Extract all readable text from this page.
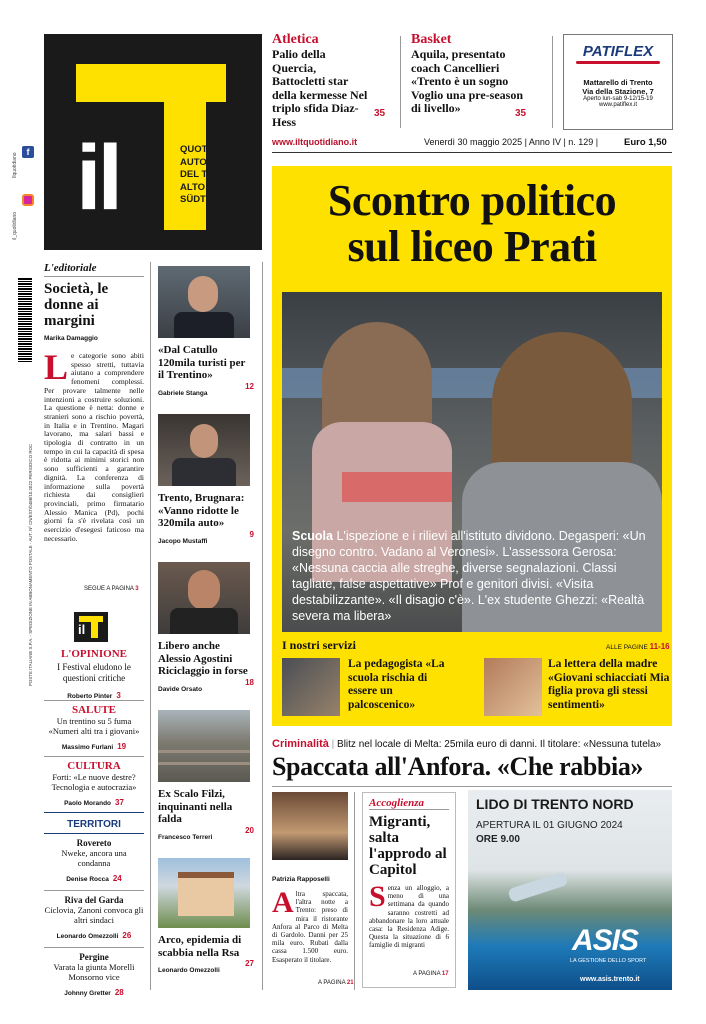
il	QUOTIDIANO
AUTONOMO
DEL TRENTINO
ALTO ADIGE /
SÜDTIROL
f
Ilquotidiano
il_quotidiano
POSTE ITALIANE S.P.A. - SPEDIZIONE IN ABBONAMENTO POSTALE - AUT. Nº CN/EST/0488/10.2022 PERIODICO ROC
Atletica
Palio della Quercia, Battocletti star della kermesse Nel triplo sfida Diaz-Hess
35
Basket
Aquila, presentato coach Cancellieri «Trento è un sogno Voglio una pre-season di livello»	35
PATIFLEX
Mattarello di Trento
Via della Stazione, 7
Aperto lun-sab 9-12/15-19
www.patiflex.it
www.iltquotidiano.it	Venerdì 30 maggio 2025 | Anno IV | n. 129 |	Euro 1,50
Scontro politico
sul liceo Prati
Scuola L'ispezione e i rilievi all'istituto dividono. Degasperi: «Un disegno contro. Vadano al Veronesi». L'assessora Gerosa: «Nessuna caccia alle streghe, diverse segnalazioni. Classi tagliate, false aspettative» Prof e genitori divisi. «Visita destabilizzante». «Il disagio c'è». L'ex studente Ghezzi: «Realtà severa ma libera»
I nostri servizi	ALLE PAGINE 11-16
La pedagogista «La scuola rischia di essere un palcoscenico»
La lettera della madre «Giovani schiacciati Mia figlia prova gli stessi sentimenti»
L'editoriale
Società, le donne ai margini
Marika Damaggio
L e categorie sono abiti spesso stretti, tuttavia aiutano a comprendere fenomeni complessi. Per provare talmente nelle intenzioni a costruire soluzioni. La questione è netta: donne e stranieri sono a rischio povertà, in Italia e in Trentino. Magari lavorano, ma salari bassi e tipologia di contratto in un tempo in cui la capacità di spesa è ridotta ai minimi storici non sono sufficienti a garantire dignità. La conferenza di informazione sulla povertà richiesta dai consiglieri provinciali, primo firmatario Alessio Manica (Pd), pochi giorni fa s'è rivelata così un esercizio d'esegesi faticoso ma necessario.
SEGUE A PAGINA 3
il
L'OPINIONE
I Festival eludono le questioni critiche
Roberto Pinter 3
SALUTE
Un trentino su 5 fuma «Numeri alti tra i giovani»
Massimo Furlani 19
CULTURA
Forti: «Le nuove destre? Tecnologia e autocrazia»
Paolo Morando 37
TERRITORI
Rovereto
Nweke, ancora una condanna
Denise Rocca 24
Riva del Garda
Ciclovia, Zanoni convoca gli altri sindaci
Leonardo Omezzolli 26
Pergine
Varata la giunta Morelli Monsorno vice
Johnny Gretter 28
«Dal Catullo 120mila turisti per il Trentino»
Gabriele Stanga
12
Trento, Brugnara: «Vanno ridotte le 320mila auto»
Jacopo Mustaffi
9
Libero anche Alessio Agostini Riciclaggio in forse
Davide Orsato
18
Ex Scalo Filzi, inquinanti nella falda
Francesco Terreri
20
Arco, epidemia di scabbia nella Rsa
Leonardo Omezzolli
27
Criminalità | Blitz nel locale di Melta: 25mila euro di danni. Il titolare: «Nessuna tutela»
Spaccata all'Anfora. «Che rabbia»
Patrizia Rapposelli
A ltra spaccata, l'altra notte a Trento: preso di mira il ristorante Anfora al Parco di Melta di Gardolo. Danni per 25 mila euro. Rubati dalla cassa 1.500 euro. Esasperato il titolare.
A PAGINA 21
Accoglienza
Migranti, salta l'approdo al Capitol
S enza un alloggio, a meno di una settimana da quando saranno costretti ad abbandonare la loro attuale casa: la Residenza Adige. Questa la situazione di 6 famiglie di migranti
A PAGINA 17
LIDO DI TRENTO NORD
APERTURA IL 01 GIUGNO 2024
ORE 9.00
ASIS
LA GESTIONE DELLO SPORT
www.asis.trento.it
